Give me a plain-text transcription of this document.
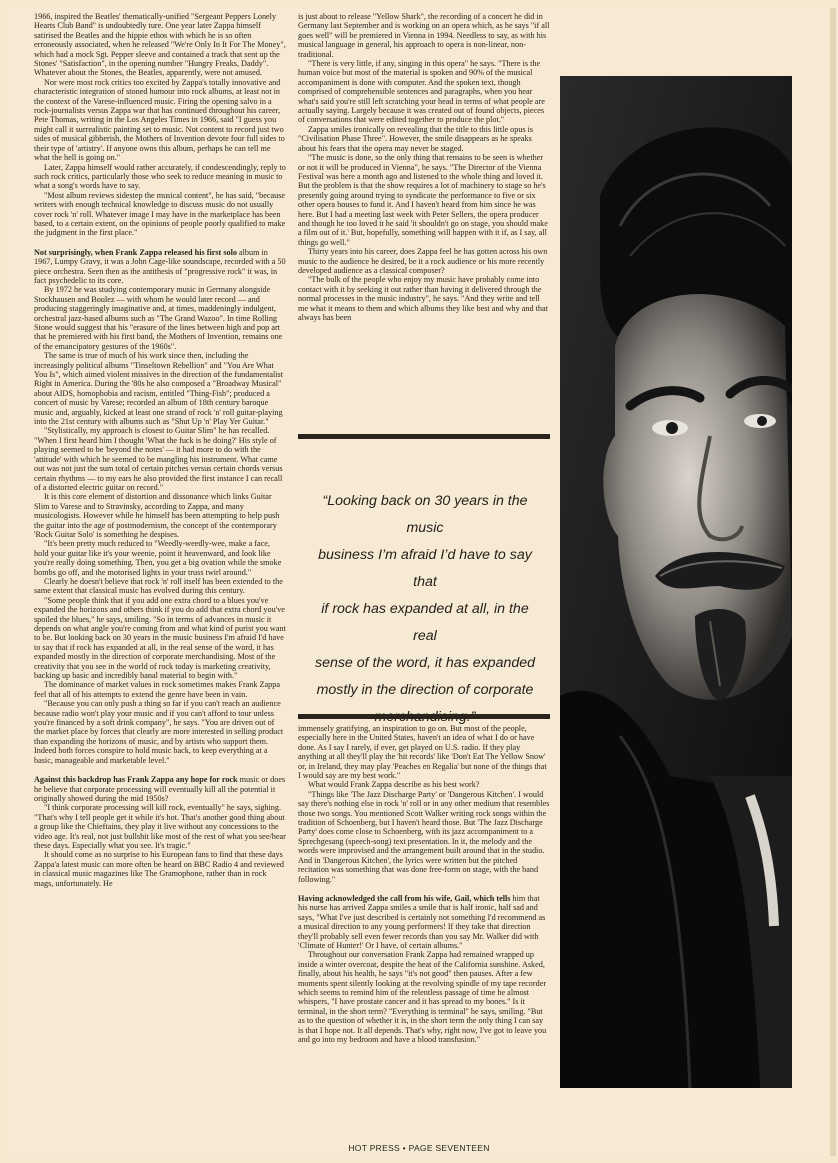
1966, inspired the Beatles' thematically-unified "Sergeant Peppers Lonely Hearts Club Band" is undoubtedly ture. One year later Zappa himself satirised the Beatles and the hippie ethos with which he is so often erroneously associated, when he released "We're Only In It For The Money", which had a mock Sgt. Pepper sleeve and contained a track that sent up the Stones' "Satisfaction", in the opening number "Hungry Freaks, Daddy". Whatever about the Stones, the Beatles, apparently, were not amused.

Nor were most rock critics too excited by Zappa's totally innovative and characteristic integration of stoned humour into rock albums, at least not in the context of the Varese-influenced music. Firing the opening salvo in a rock-journalists versus Zappa war that has continued throughout his career, Pete Thomas, writing in the Los Angeles Times in 1966, said "I guess you might call it surrealistic painting set to music. Not content to record just two sides of musical gibberish, the Mothers of Invention devote four full sides to their type of 'artistry'. If anyone owns this album, perhaps he can tell me what the hell is going on."

Later, Zappa himself would rather accurately, if condescendingly, reply to such rock critics, particularly those who seek to reduce meaning in music to what a song's words have to say.

"Most album reviews sidestep the musical content", he has said, "because writers with enough technical knowledge to discuss music do not usually cover rock 'n' roll. Whatever image I may have in the marketplace has been based, to a certain extent, on the opinions of people poorly qualified to make the judgment in the first place."

Not surprisingly, when Frank Zappa released his first solo album in 1967, Lumpy Gravy, it was a John Cage-like soundscape, recorded with a 50 piece orchestra. Seen then as the antithesis of "progressive rock" it was, in fact psychedelic to its core.

By 1972 he was studying contemporary music in Germany alongside Stockhausen and Boulez — with whom he would later record — and producing staggeringly imaginative and, at times, maddeningly indulgent, orchestral jazz-based albums such as "The Grand Wazoo". In time Rolling Stone would suggest that his "erasure of the lines between high and pop art that he premiered with his first band, the Mothers of Invention, remains one of the emancipatory gestures of the 1960s".

The same is true of much of his work since then, including the increasingly political albums "Tinseltown Rebellion" and "You Are What You Is", which aimed violent missives in the direction of the fundamentalist Right in America. During the '80s he also composed a "Broadway Musical" about AIDS, homophobia and racism, entitled "Thing-Fish"; produced a concert of music by Varese; recorded an album of 18th century baroque music and, arguably, kicked at least one strand of rock 'n' roll guitar-playing into the 21st century with albums such as "Shut Up 'n' Play Yer Guitar."

"Stylistically, my approach is closest to Guitar Slim" he has recalled. "When I first heard him I thought 'What the fuck is he doing?' His style of playing seemed to be 'beyond the notes' — it had more to do with the 'attitude' with which he seemed to be mangling his instrument. What came out was not just the sum total of certain pitches versus certain chords versus certain rhythms — to my ears he also provided the first instance I can recall of a distorted electric guitar on record."

It is this core element of distortion and dissonance which links Guitar Slim to Varese and to Stravinsky, according to Zappa, and many musicologists. However while he himself has been attempting to help push the guitar into the age of postmodernism, the concept of the contemporary 'Rock Guitar Solo' is something he despises.

"It's been pretty much reduced to "Weedly-weedly-wee, make a face, hold your guitar like it's your weenie, point it heavenward, and look like you're really doing something. Then, you get a big ovation while the smoke bombs go off, and the motorised lights in your truss twirl around."

Clearly he doesn't believe that rock 'n' roll itself has been extended to the same extent that classical music has evolved during this century.

"Some people think that if you add one extra chord to a blues you've expanded the horizons and others think if you do add that extra chord you've spoiled the blues," he says, smiling. "So in terms of advances in music it depends on what angle you're coming from and what kind of purist you want to be. But looking back on 30 years in the music business I'm afraid I'd have to say that if rock has expanded at all, in the real sense of the word, it has expanded mostly in the direction of corporate merchandising. Most of the creativity that you see in the world of rock today is marketing creativity, backing up basic and incredibly banal material to begin with."

The dominance of market values in rock sometimes makes Frank Zappa feel that all of his attempts to extend the genre have been in vain.

"Because you can only push a thing so far if you can't reach an audience because radio won't play your music and if you can't afford to tour unless you're financed by a soft drink company", he says. "You are driven out of the market place by forces that clearly are more interested in selling product than expanding the horizons of music, and by artists who support them. Indeed both forces conspire to hold music back, to keep everything at a basic, manageable and marketable level."

Against this backdrop has Frank Zappa any hope for rock music or does he believe that corporate processing will eventually kill all the potential it originally showed during the mid 1950s?

"I think corporate processing will kill rock, eventually" he says, sighing. "That's why I tell people get it while it's hot. That's another good thing about a group like the Chieftains, they play it live without any concessions to the video age. It's real, not just bullshit like most of the rest of what you see/hear these days. Especially what you see. It's tragic."

It should come as no surprise to his European fans to find that these days Zappa'a latest music can more often be heard on BBC Radio 4 and reviewed in classical music magazines like The Gramophone, rather than in rock mags, unfortunately. He

is just about to release "Yellow Shark", the recording of a concert he did in Germany last September and is working on an opera which, as he says "if all goes well" will be premiered in Vienna in 1994. Needless to say, as with his musical language in general, his approach to opera is non-linear, non-traditional.

"There is very little, if any, singing in this opera" he says. "There is the human voice but most of the material is spoken and 90% of the musical accompaniment is done with computer. And the spoken text, though comprised of comprehensible sentences and paragraphs, when you hear what's said you're still left scratching your head in terms of what people are actually saying. Largely because it was created out of found objects, pieces of conversations that were edited together to produce the plot."

Zappa smiles ironically on revealing that the title to this little opus is "Civilisation Phase Three". However, the smile disappears as he speaks about his fears that the opera may never be staged.

"The music is done, so the only thing that remains to be seen is whether or not it will be produced in Vienna", he says. "The Director of the Vienna Festival was here a month ago and listened to the whole thing and loved it. But the problem is that the show requires a lot of machinery to stage so he's presently going around trying to syndicate the performance to five or six other opera houses to fund it. And I haven't heard from him since he was here. But I had a meeting last week with Peter Sellers, the opera producer and though he too loved it he said 'it shouldn't go on stage, you should make a film out of it.' But, hopefully, something will happen with it if, as I say, all things go well."

Thirty years into his career, does Zappa feel he has gotten across his own music to the audience he desired, be it a rock audience or his more recently developed audience as a classical composer?

"The bulk of the people who enjoy my music have probably come into contact with it by seeking it out rather than having it delivered through the normal processes in the music industry", he says. "And they write and tell me what it means to them and which albums they like best and why and that always has been

“Looking back on 30 years in the music
business I’m afraid I’d have to say that
if rock has expanded at all, in the real
sense of the word, it has expanded
mostly in the direction of corporate

immensely gratifying, an inspiration to go on. But most of the people, especially here in the United States, haven't an idea of what I do or have done. As I say I rarely, if ever, get played on U.S. radio. If they play anything at all they'll play the 'hit records' like 'Don't Eat The Yellow Snow' or, in Ireland, they may play 'Peaches en Regalia' but none of the things that I would say are my best work."

What would Frank Zappa describe as his best work?

"Things like 'The Jazz Discharge Party' or 'Dangerous Kitchen'. I would say there's nothing else in rock 'n' roll or in any other medium that resembles those two songs. You mentioned Scott Walker writing rock songs within the tradition of Schoenberg, but I haven't heard those. But 'The Jazz Discharge Party' does come close to Schoenberg, with its jazz accompaniment to a Sprechgesang (speech-song) text presentation. In it, the melody and the words were improvised and the arrangement built around that in the studio. And in 'Dangerous Kitchen', the lyrics were written but the pitched recitation was something that was done free-form on stage, with the band following."

Having acknowledged the call from his wife, Gail, which tells him that his nurse has arrived Zappa smiles a smile that is half ironic, half sad and says, "What I've just described is certainly not something I'd recommend as a musical direction to any young performers! If they take that direction they'll probably sell even fewer records than you say Mr. Walker did with 'Climate of Hunter!' Or I have, of certain albums."

Throughout our conversation Frank Zappa had remained wrapped up inside a winter overcoat, despite the heat of the California sunshine. Asked, finally, about his health, he says "it's not good" then pauses. After a few moments spent silently looking at the revolving spindle of my tape recorder which seems to remind him of the relentless passage of time he almost whispers, "I have prostate cancer and it has spread to my bones." Is it terminal, in the short term? "Everything is terminal" he says, smiling. "But as to the question of whether it is, in the short term the only thing I can say is that I hope not. It all depends. That's why, right now, I've got to leave you and go into my bedroom and have a blood transfusion."

HOT PRESS • PAGE SEVENTEEN
